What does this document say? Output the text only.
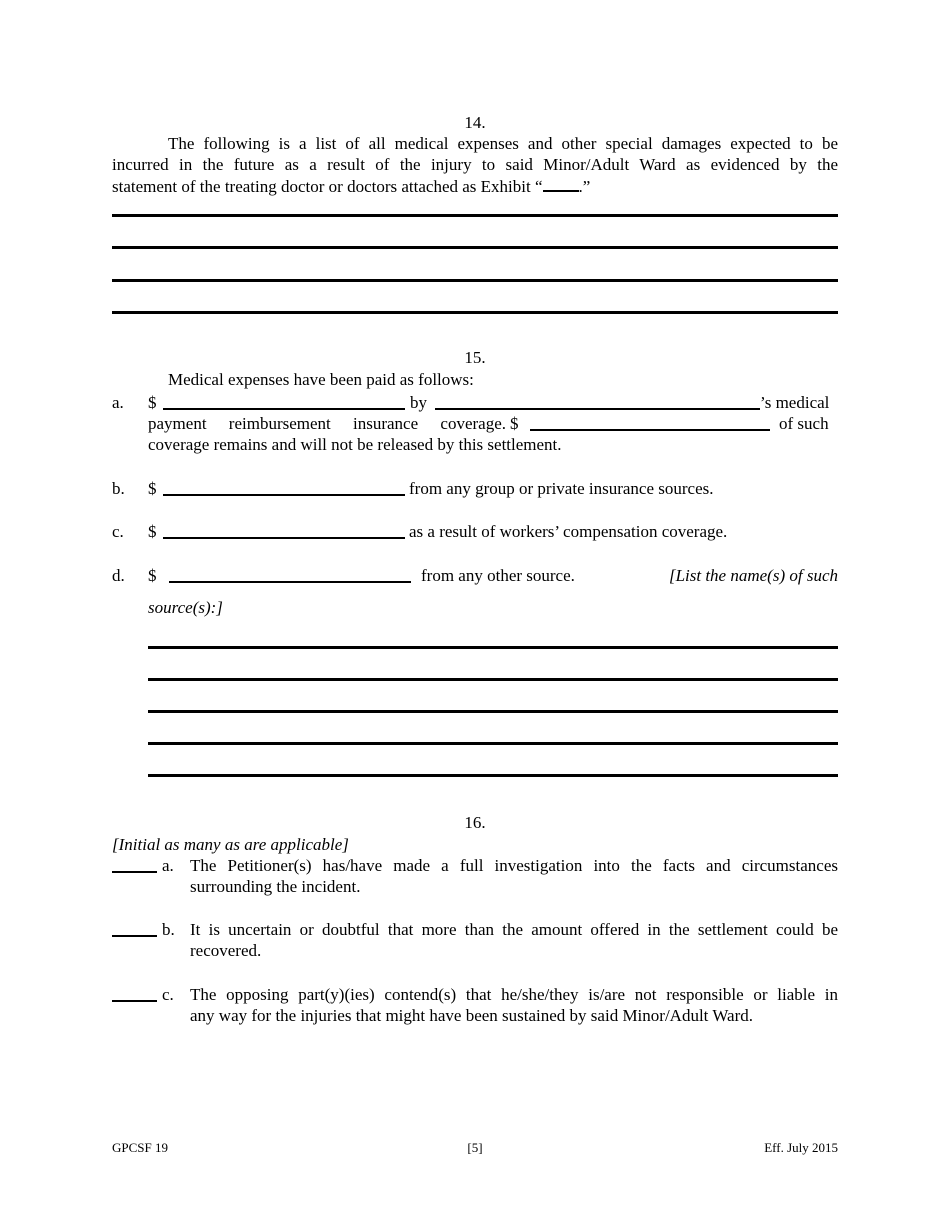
14.
The following is a list of all medical expenses and other special damages expected to be
incurred in the future as a result of the injury to said Minor/Adult Ward as evidenced by the
statement of the treating doctor or doctors attached as Exhibit “ .”
15.
Medical expenses have been paid as follows:
a. $	by	’s medical
payment reimbursement insurance coverage. $	of such
coverage remains and will not be released by this settlement.
b. $	from any group or private insurance sources.
c. $	as a result of workers’ compensation coverage.
d. $	from any other source.	[List the name(s) of such
source(s):]
16.
[Initial as many as are applicable]
a. The Petitioner(s) has/have made a full investigation into the facts and circumstances
surrounding the incident.
b. It is uncertain or doubtful that more than the amount offered in the settlement could be
recovered.
c. The opposing part(y)(ies) contend(s) that he/she/they is/are not responsible or liable in
any way for the injuries that might have been sustained by said Minor/Adult Ward.
GPCSF 19	[5]	Eff. July 2015
